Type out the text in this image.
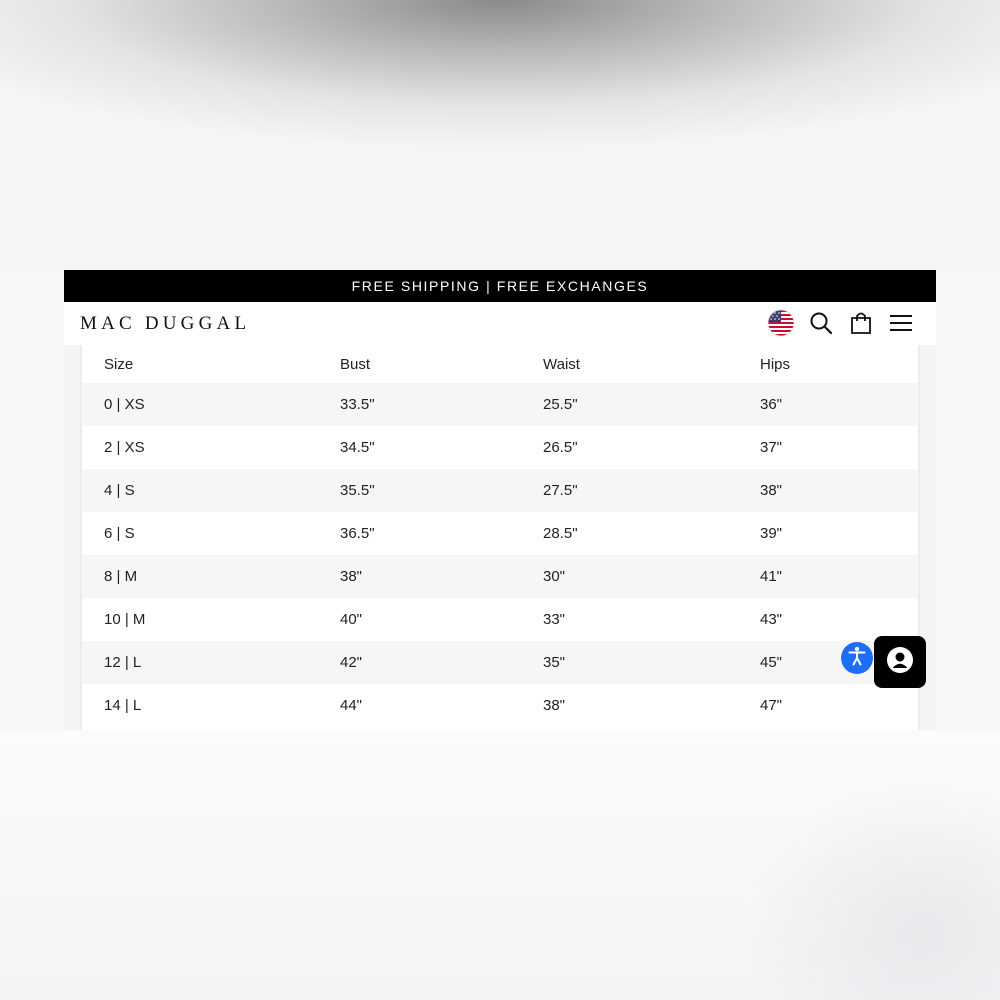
FREE SHIPPING | FREE EXCHANGES
MAC DUGGAL
Size	Bust	Waist	Hips
0 | XS	33.5"	25.5"	36"
2 | XS	34.5"	26.5"	37"
4 | S	35.5"	27.5"	38"
6 | S	36.5"	28.5"	39"
8 | M	38"	30"	41"
10 | M	40"	33"	43"
12 | L	42"	35"	45"
14 | L	44"	38"	47"
